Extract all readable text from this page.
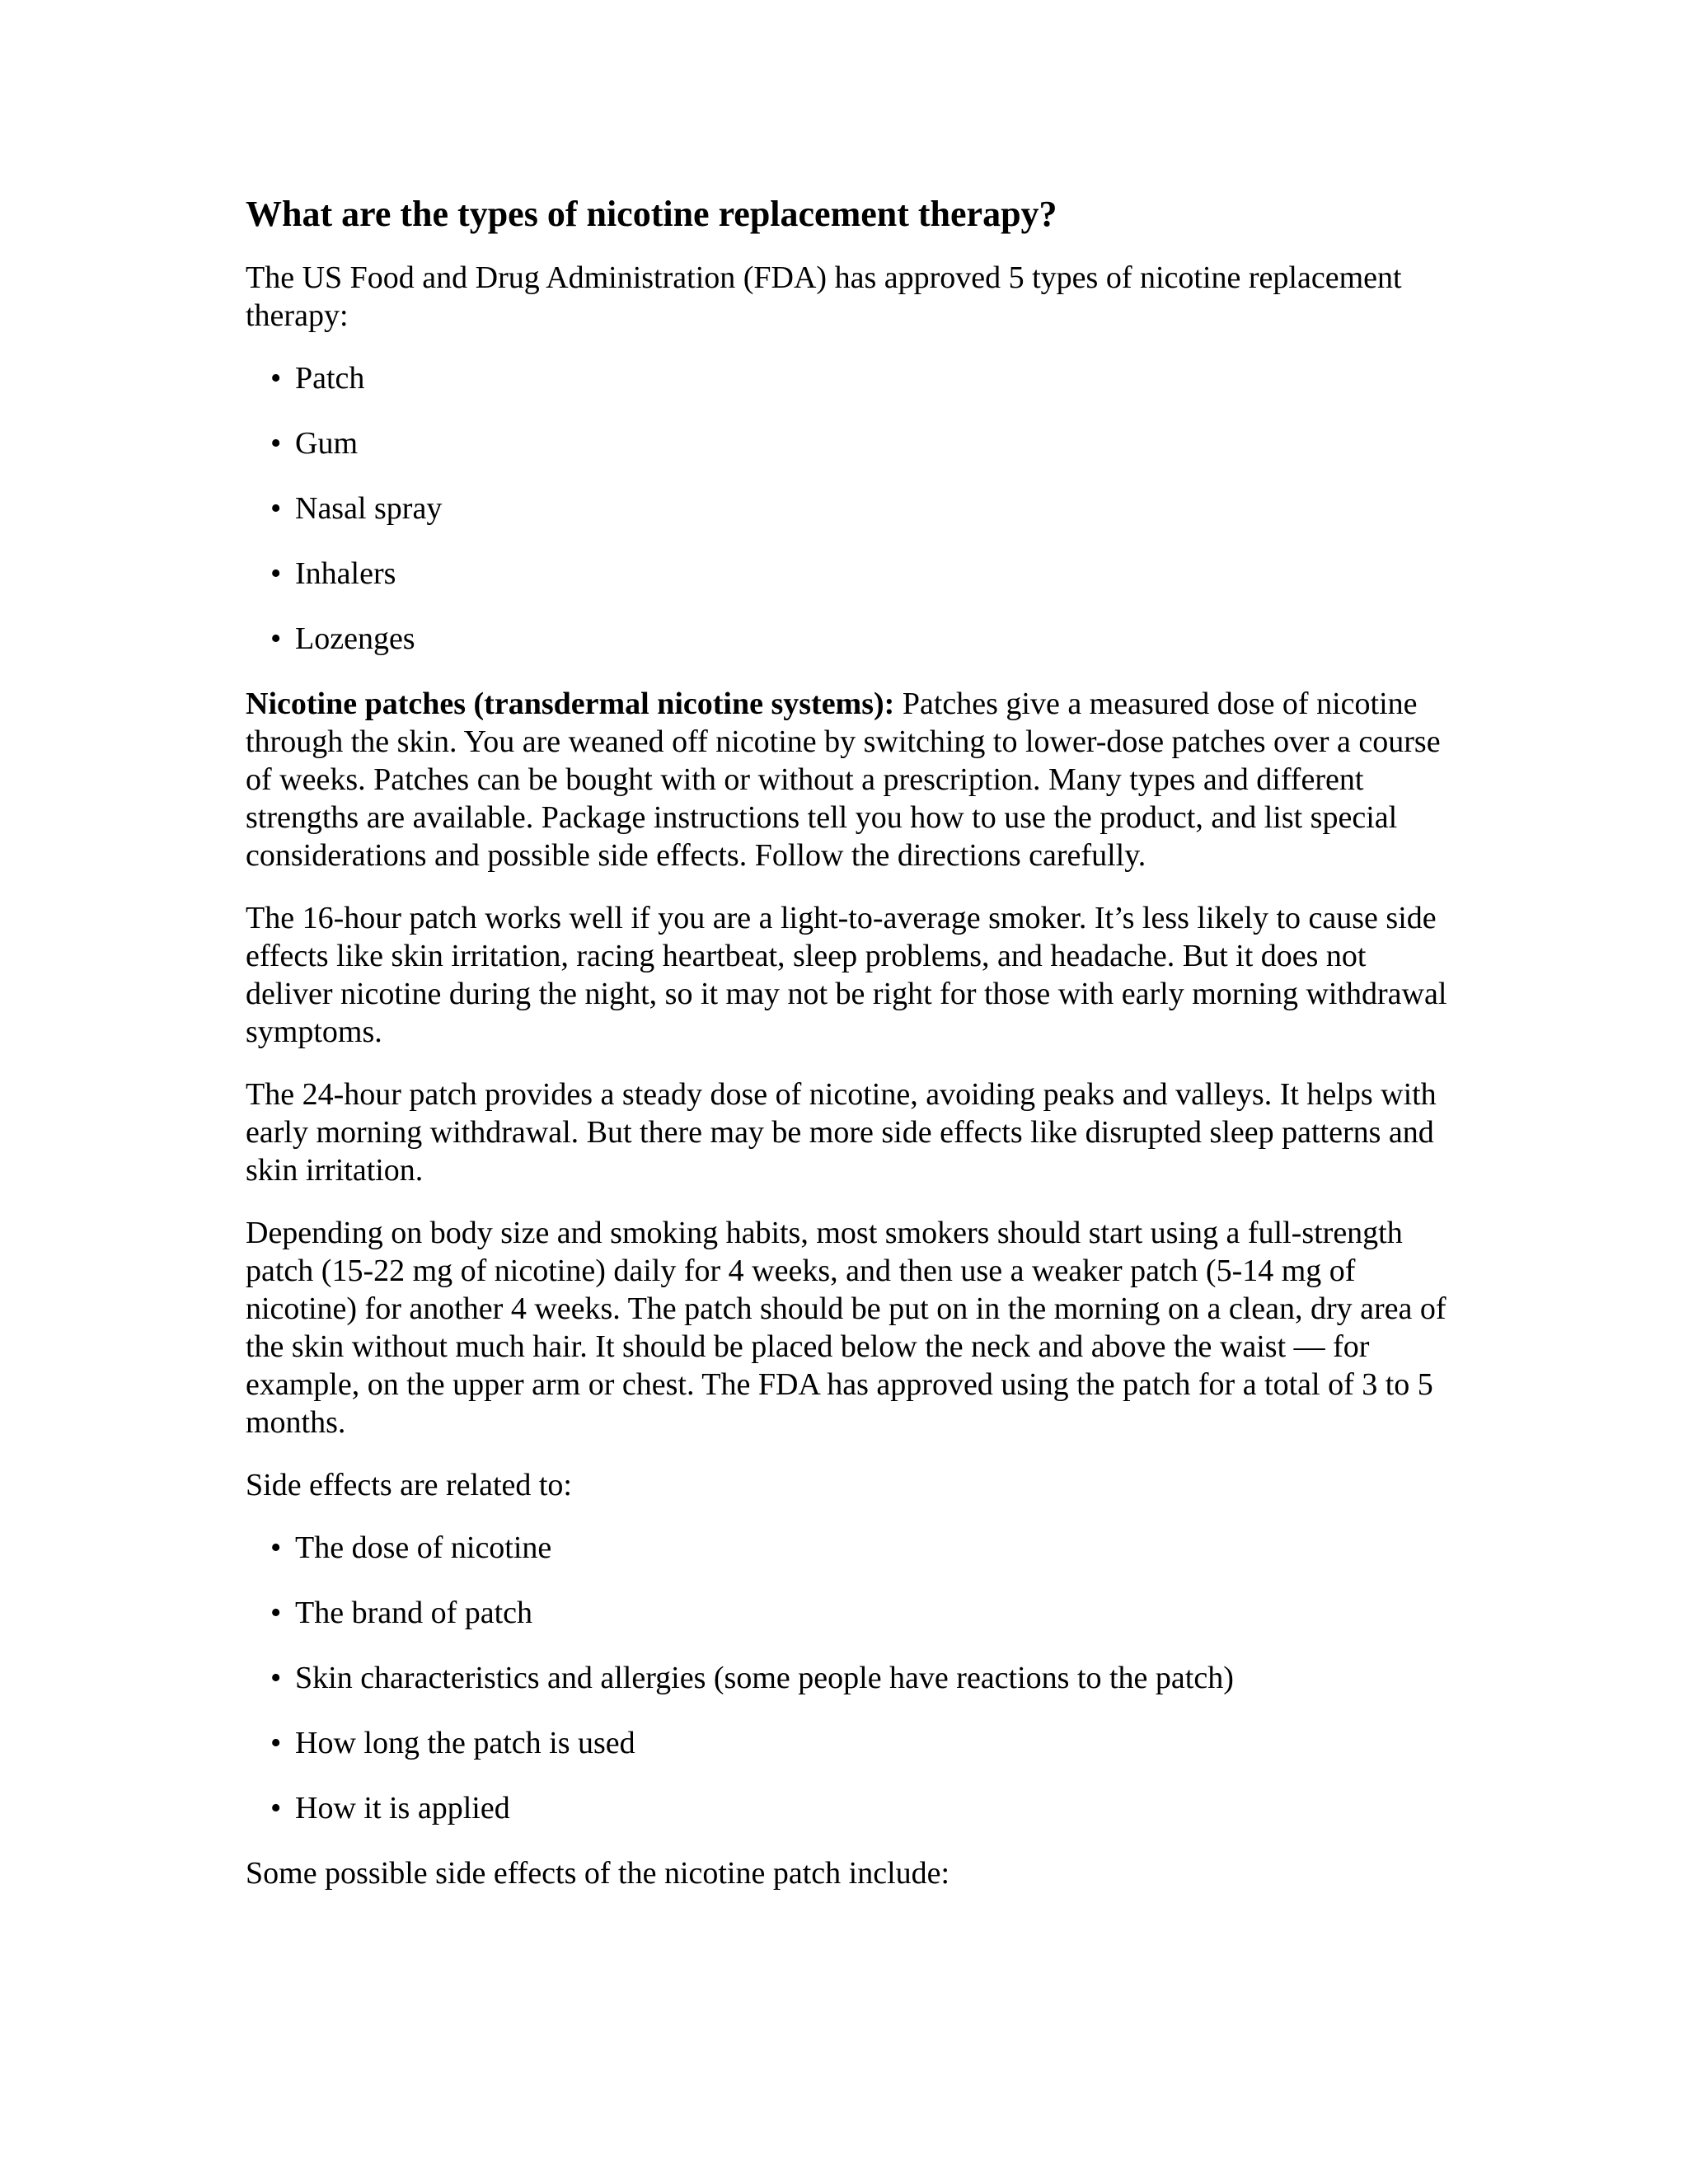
What are the types of nicotine replacement therapy?

The US Food and Drug Administration (FDA) has approved 5 types of nicotine replacement therapy:

• Patch
• Gum
• Nasal spray
• Inhalers
• Lozenges

Nicotine patches (transdermal nicotine systems): Patches give a measured dose of nicotine through the skin. You are weaned off nicotine by switching to lower-dose patches over a course of weeks. Patches can be bought with or without a prescription. Many types and different strengths are available. Package instructions tell you how to use the product, and list special considerations and possible side effects. Follow the directions carefully.

The 16-hour patch works well if you are a light-to-average smoker. It’s less likely to cause side effects like skin irritation, racing heartbeat, sleep problems, and headache. But it does not deliver nicotine during the night, so it may not be right for those with early morning withdrawal symptoms.

The 24-hour patch provides a steady dose of nicotine, avoiding peaks and valleys. It helps with early morning withdrawal. But there may be more side effects like disrupted sleep patterns and skin irritation.

Depending on body size and smoking habits, most smokers should start using a full-strength patch (15-22 mg of nicotine) daily for 4 weeks, and then use a weaker patch (5-14 mg of nicotine) for another 4 weeks. The patch should be put on in the morning on a clean, dry area of the skin without much hair. It should be placed below the neck and above the waist — for example, on the upper arm or chest. The FDA has approved using the patch for a total of 3 to 5 months.

Side effects are related to:

• The dose of nicotine
• The brand of patch
• Skin characteristics and allergies (some people have reactions to the patch)
• How long the patch is used
• How it is applied

Some possible side effects of the nicotine patch include:
